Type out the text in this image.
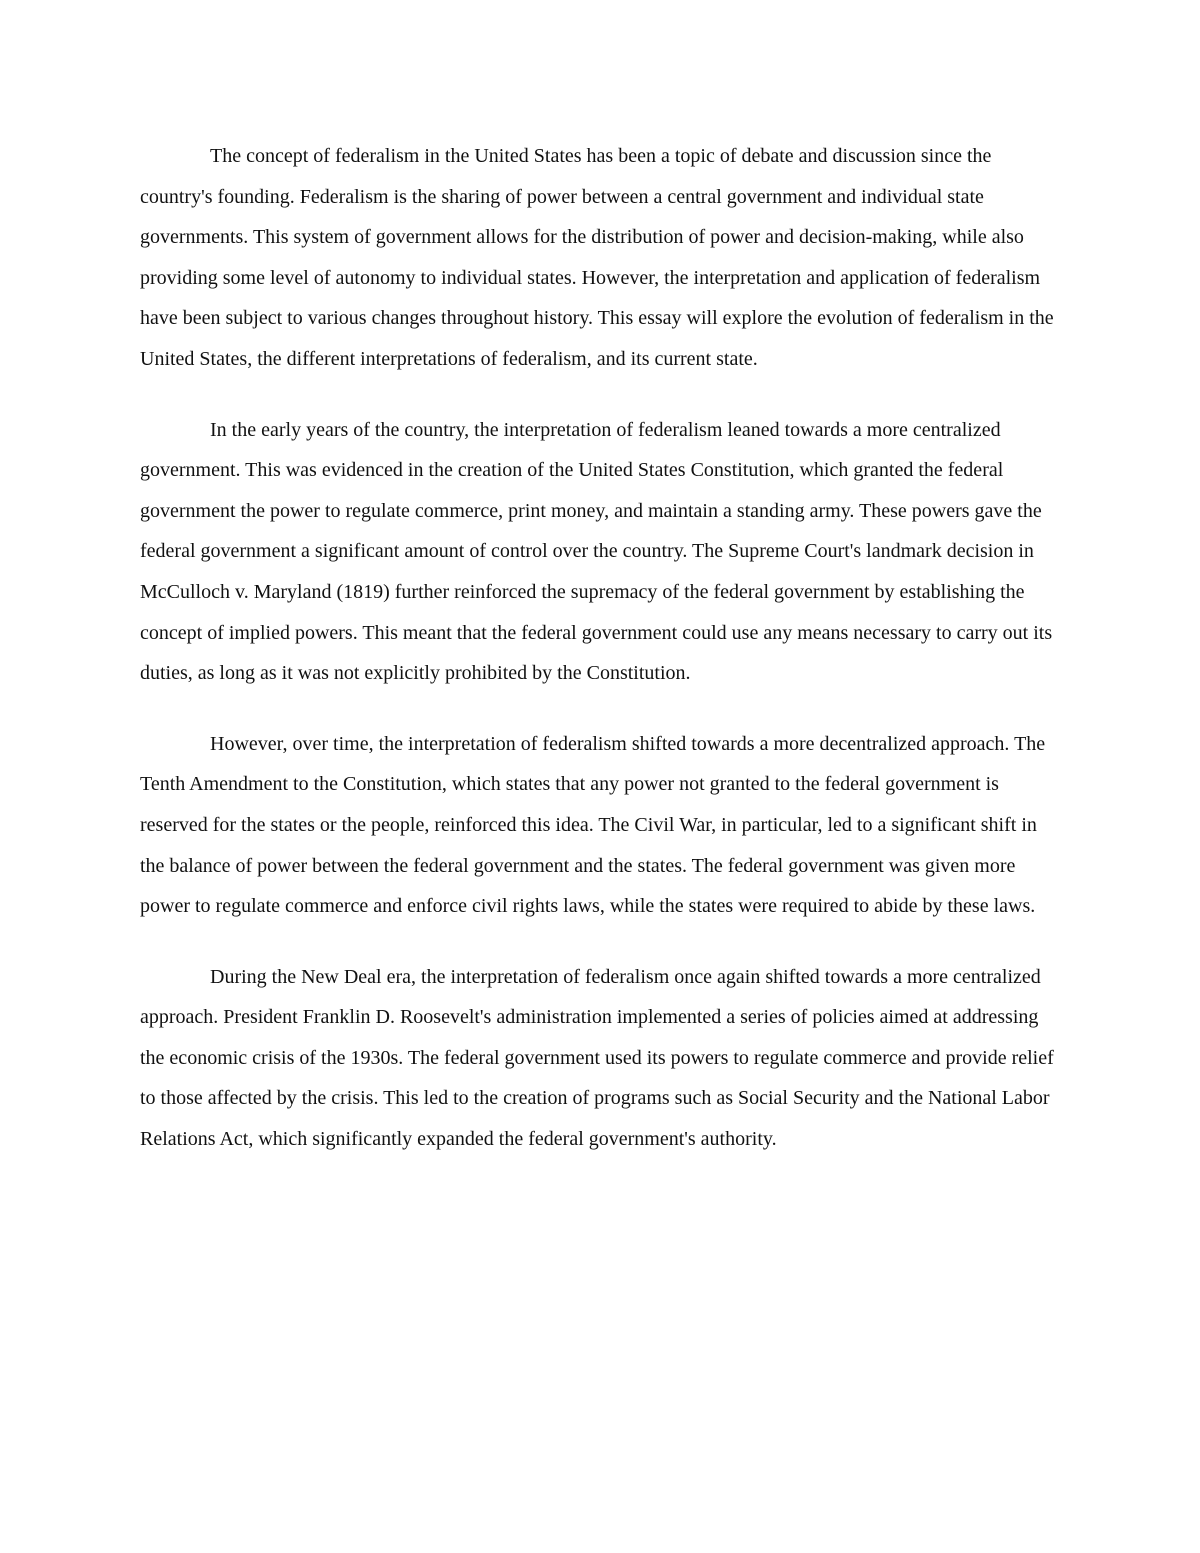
The concept of federalism in the United States has been a topic of debate and discussion since the country's founding. Federalism is the sharing of power between a central government and individual state governments. This system of government allows for the distribution of power and decision-making, while also providing some level of autonomy to individual states. However, the interpretation and application of federalism have been subject to various changes throughout history. This essay will explore the evolution of federalism in the United States, the different interpretations of federalism, and its current state.

In the early years of the country, the interpretation of federalism leaned towards a more centralized government. This was evidenced in the creation of the United States Constitution, which granted the federal government the power to regulate commerce, print money, and maintain a standing army. These powers gave the federal government a significant amount of control over the country. The Supreme Court's landmark decision in McCulloch v. Maryland (1819) further reinforced the supremacy of the federal government by establishing the concept of implied powers. This meant that the federal government could use any means necessary to carry out its duties, as long as it was not explicitly prohibited by the Constitution.

However, over time, the interpretation of federalism shifted towards a more decentralized approach. The Tenth Amendment to the Constitution, which states that any power not granted to the federal government is reserved for the states or the people, reinforced this idea. The Civil War, in particular, led to a significant shift in the balance of power between the federal government and the states. The federal government was given more power to regulate commerce and enforce civil rights laws, while the states were required to abide by these laws.

During the New Deal era, the interpretation of federalism once again shifted towards a more centralized approach. President Franklin D. Roosevelt's administration implemented a series of policies aimed at addressing the economic crisis of the 1930s. The federal government used its powers to regulate commerce and provide relief to those affected by the crisis. This led to the creation of programs such as Social Security and the National Labor Relations Act, which significantly expanded the federal government's authority.
